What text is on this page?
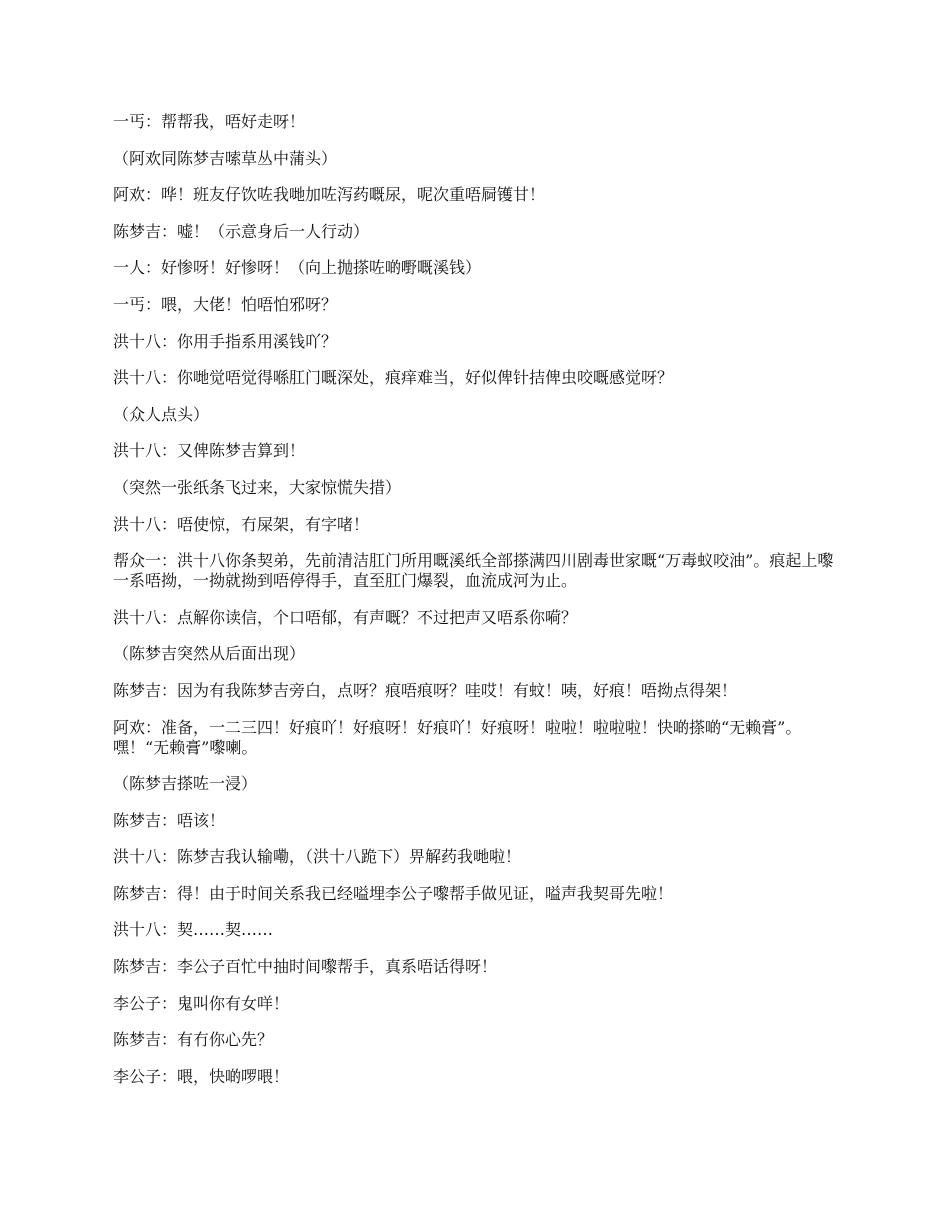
一丐：帮帮我，唔好走呀！

（阿欢同陈梦吉嗦草丛中蒲头）

阿欢：哗！班友仔饮咗我哋加咗泻药嘅尿，呢次重唔屙镬甘！

陈梦吉：嘘！（示意身后一人行动）

一人：好惨呀！好惨呀！（向上抛搽咗啲嘢嘅溪钱）

一丐：喂，大佬！怕唔怕邪呀？

洪十八：你用手指系用溪钱吖？

洪十八：你哋觉唔觉得喺肛门嘅深处，痕痒难当，好似俾针拮俾虫咬嘅感觉呀？

（众人点头）

洪十八：又俾陈梦吉算到！

（突然一张纸条飞过来，大家惊慌失措）

洪十八：唔使惊，冇屎架，有字啫！

帮众一：洪十八你条契弟，先前清洁肛门所用嘅溪纸全部搽满四川剧毒世家嘅“万毒蚁咬油”。痕起上嚟一系唔拗，一拗就拗到唔停得手，直至肛门爆裂，血流成河为止。

洪十八：点解你读信，个口唔郁，有声嘅？不过把声又唔系你嗬？

（陈梦吉突然从后面出现）

陈梦吉：因为有我陈梦吉旁白，点呀？痕唔痕呀？哇哎！有蚊！咦，好痕！唔拗点得架！

阿欢：准备，一二三四！好痕吖！好痕呀！好痕吖！好痕呀！啦啦！啦啦啦！快啲搽啲“无赖膏”。嘿！“无赖膏”嚟喇。

（陈梦吉搽咗一浸）

陈梦吉：唔该！

洪十八：陈梦吉我认输嘞，（洪十八跪下）畀解药我哋啦！

陈梦吉：得！由于时间关系我已经嗌埋李公子嚟帮手做见证，嗌声我契哥先啦！

洪十八：契……契……

陈梦吉：李公子百忙中抽时间嚟帮手，真系唔话得呀！

李公子：鬼叫你有女咩！

陈梦吉：有冇你心先？

李公子：喂，快啲啰喂！
